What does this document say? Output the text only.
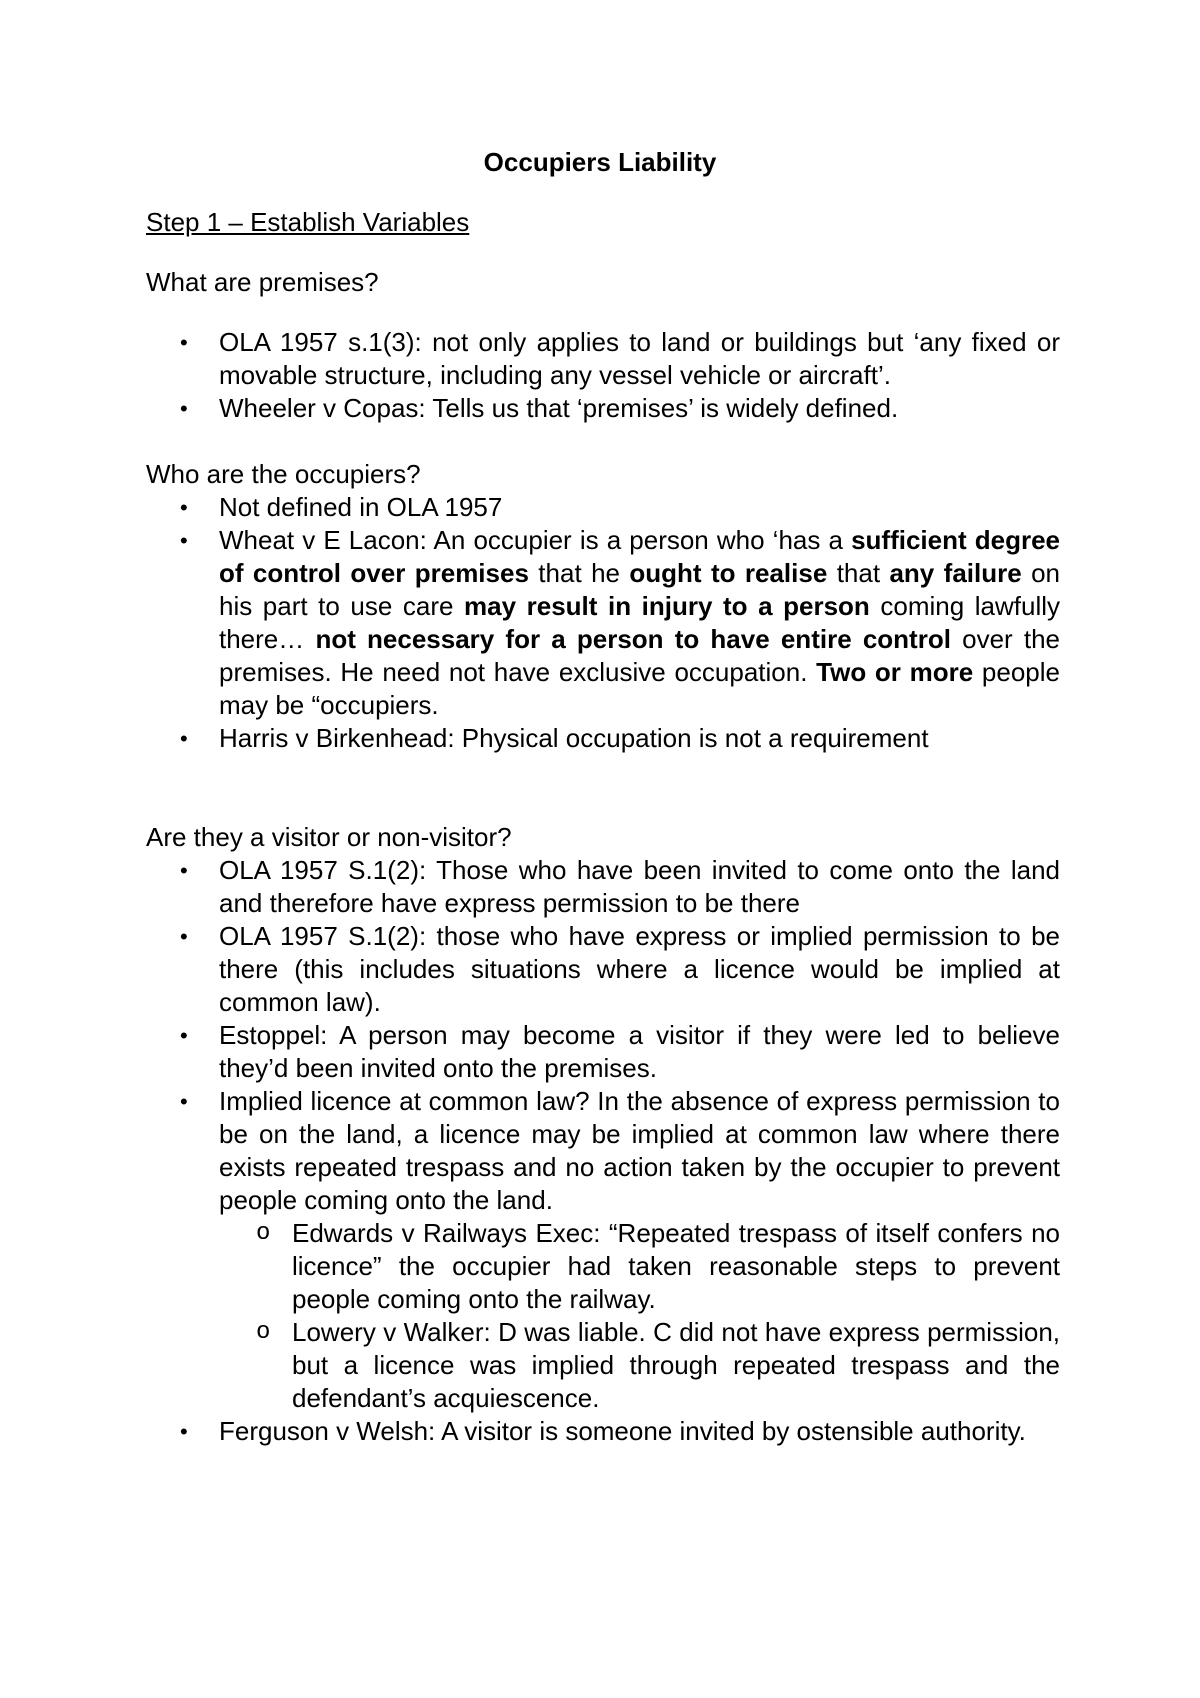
Occupiers Liability

Step 1 – Establish Variables

What are premises?

• OLA 1957 s.1(3): not only applies to land or buildings but ‘any fixed or movable structure, including any vessel vehicle or aircraft’.

• Wheeler v Copas: Tells us that ‘premises’ is widely defined.

Who are the occupiers?

• Not defined in OLA 1957

• Wheat v E Lacon: An occupier is a person who ‘has a sufficient degree of control over premises that he ought to realise that any failure on his part to use care may result in injury to a person coming lawfully there… not necessary for a person to have entire control over the premises. He need not have exclusive occupation. Two or more people may be “occupiers.

• Harris v Birkenhead: Physical occupation is not a requirement

Are they a visitor or non-visitor?

• OLA 1957 S.1(2): Those who have been invited to come onto the land and therefore have express permission to be there

• OLA 1957 S.1(2): those who have express or implied permission to be there (this includes situations where a licence would be implied at common law).

• Estoppel: A person may become a visitor if they were led to believe they’d been invited onto the premises.

• Implied licence at common law? In the absence of express permission to be on the land, a licence may be implied at common law where there exists repeated trespass and no action taken by the occupier to prevent people coming onto the land.

o Edwards v Railways Exec: “Repeated trespass of itself confers no licence” the occupier had taken reasonable steps to prevent people coming onto the railway.

o Lowery v Walker: D was liable. C did not have express permission, but a licence was implied through repeated trespass and the defendant’s acquiescence.

• Ferguson v Welsh: A visitor is someone invited by ostensible authority.
